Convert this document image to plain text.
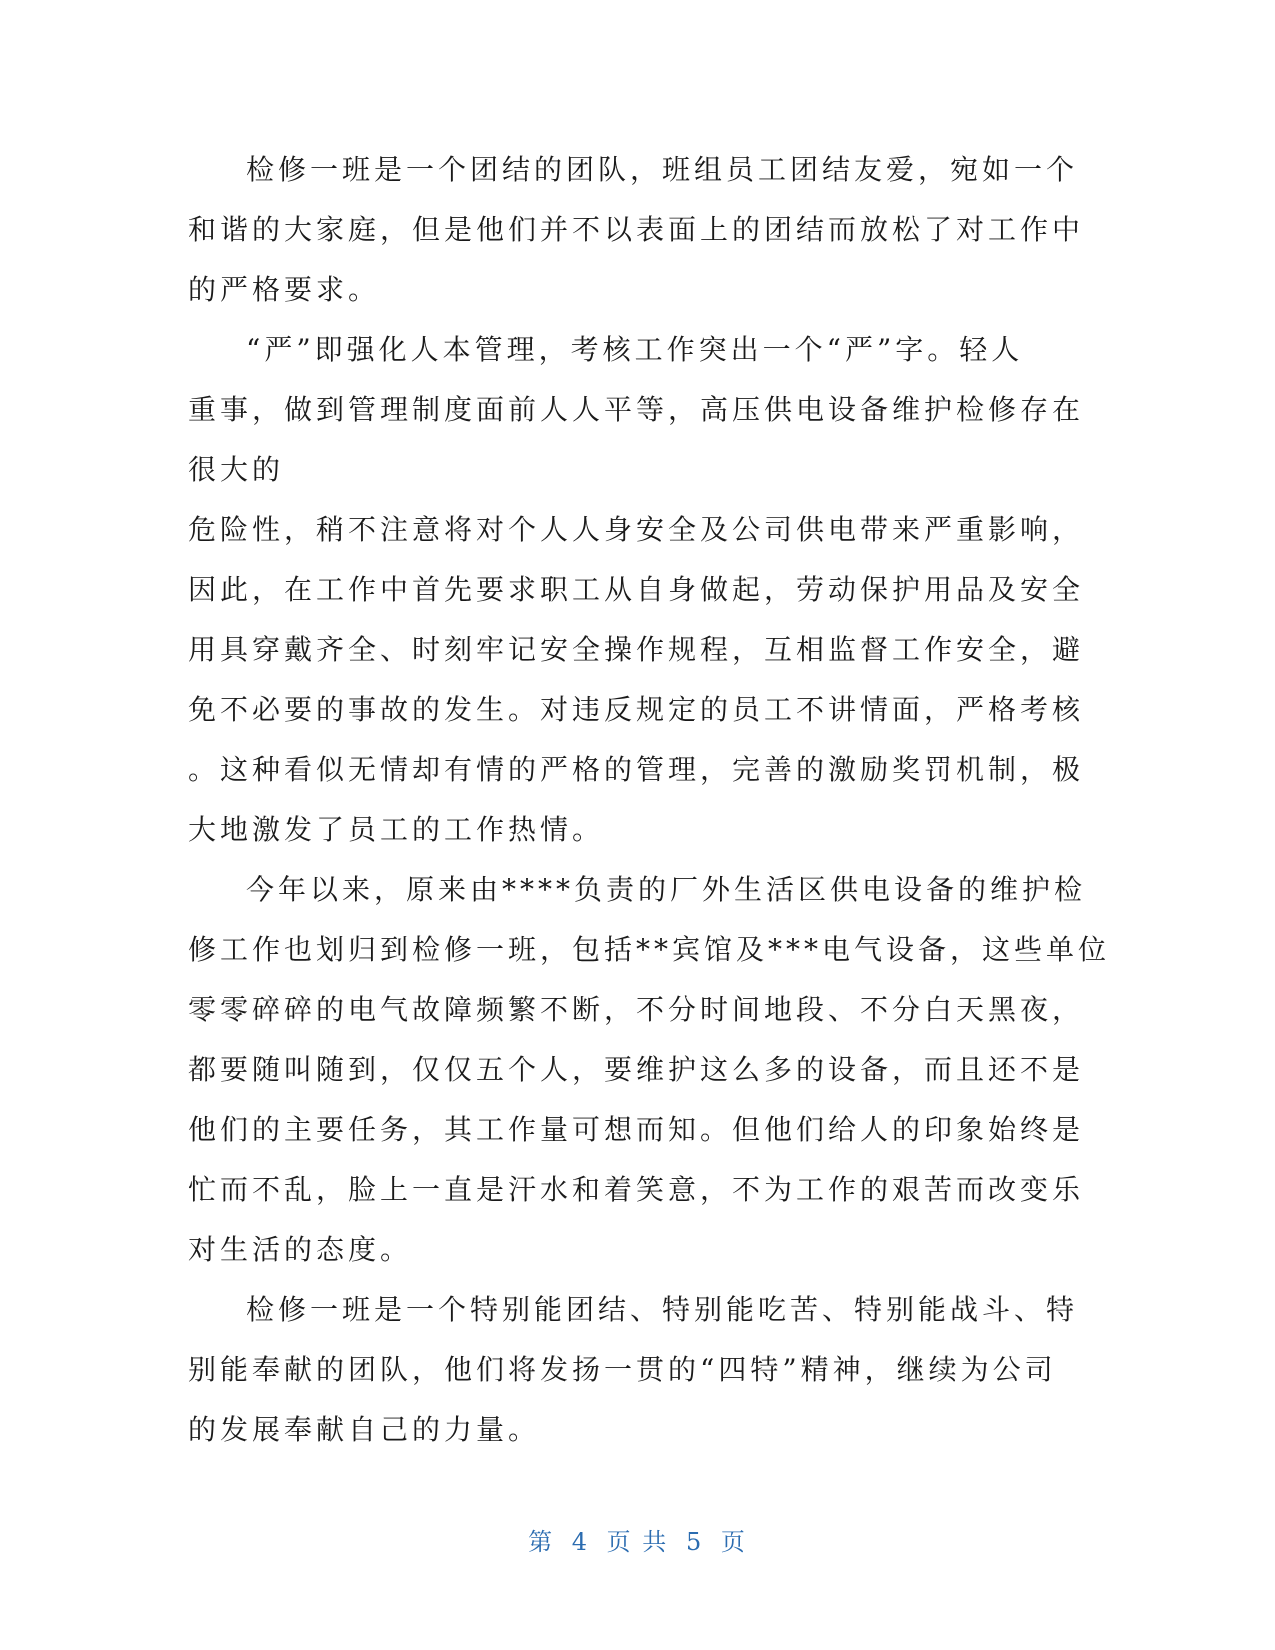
检修一班是一个团结的团队，班组员工团结友爱，宛如一个
和谐的大家庭，但是他们并不以表面上的团结而放松了对工作中
的严格要求。
“严”即强化人本管理，考核工作突出一个“严”字。轻人
重事，做到管理制度面前人人平等，高压供电设备维护检修存在
很大的
危险性，稍不注意将对个人人身安全及公司供电带来严重影响，
因此，在工作中首先要求职工从自身做起，劳动保护用品及安全
用具穿戴齐全、时刻牢记安全操作规程，互相监督工作安全，避
免不必要的事故的发生。对违反规定的员工不讲情面，严格考核
。这种看似无情却有情的严格的管理，完善的激励奖罚机制，极
大地激发了员工的工作热情。
今年以来，原来由****负责的厂外生活区供电设备的维护检
修工作也划归到检修一班，包括**宾馆及***电气设备，这些单位
零零碎碎的电气故障频繁不断，不分时间地段、不分白天黑夜，
都要随叫随到，仅仅五个人，要维护这么多的设备，而且还不是
他们的主要任务，其工作量可想而知。但他们给人的印象始终是
忙而不乱，脸上一直是汗水和着笑意，不为工作的艰苦而改变乐
对生活的态度。
检修一班是一个特别能团结、特别能吃苦、特别能战斗、特
别能奉献的团队，他们将发扬一贯的“四特”精神，继续为公司
的发展奉献自己的力量。
第 4 页 共 5 页
